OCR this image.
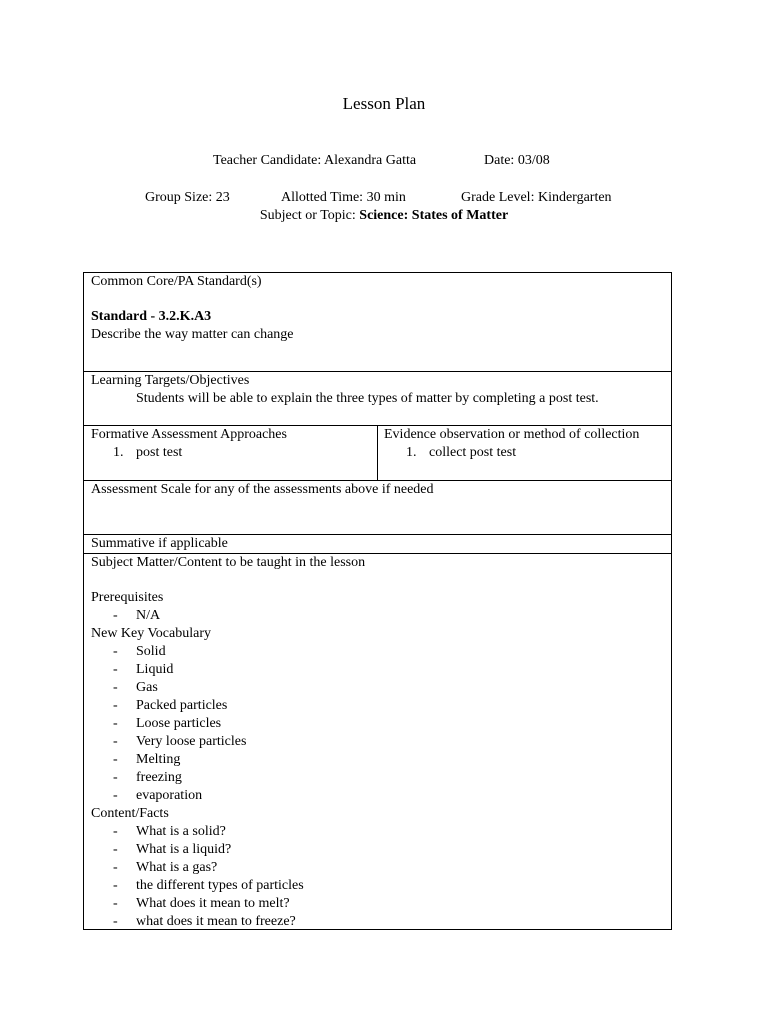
Lesson Plan
Teacher Candidate: Alexandra Gatta	Date: 03/08
Group Size: 23	Allotted Time: 30 min	Grade Level: Kindergarten
Subject or Topic: Science: States of Matter
Common Core/PA Standard(s)
Standard - 3.2.K.A3
Describe the way matter can change
Learning Targets/Objectives
Students will be able to explain the three types of matter by completing a post test.
Formative Assessment Approaches
1. post test
Evidence observation or method of collection
1. collect post test
Assessment Scale for any of the assessments above if needed
Summative if applicable
Subject Matter/Content to be taught in the lesson
Prerequisites
- N/A
New Key Vocabulary
- Solid
- Liquid
- Gas
- Packed particles
- Loose particles
- Very loose particles
- Melting
- freezing
- evaporation
Content/Facts
- What is a solid?
- What is a liquid?
- What is a gas?
- the different types of particles
- What does it mean to melt?
- what does it mean to freeze?
